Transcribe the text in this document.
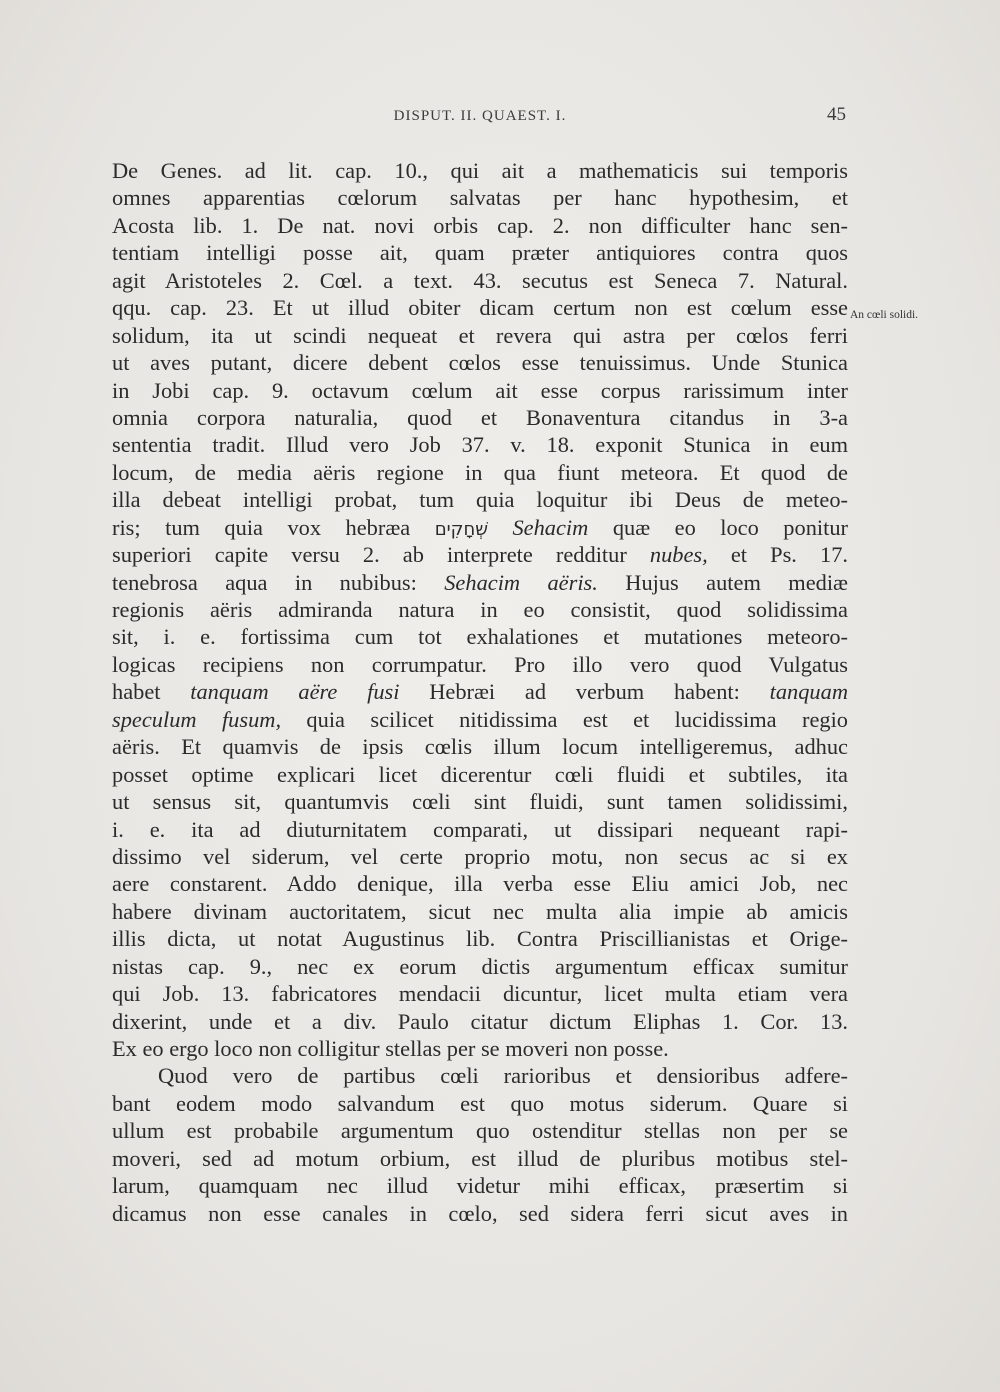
DISPUT. II. QUAEST. I.	45
An cœli solidi.
De Genes. ad lit. cap. 10., qui ait a mathematicis sui temporis
omnes apparentias cœlorum salvatas per hanc hypothesim, et
Acosta lib. 1. De nat. novi orbis cap. 2. non difficulter hanc sen-
tentiam intelligi posse ait, quam præter antiquiores contra quos
agit Aristoteles 2. Cœl. a text. 43. secutus est Seneca 7. Natural.
qqu. cap. 23. Et ut illud obiter dicam certum non est cœlum esse
solidum, ita ut scindi nequeat et revera qui astra per cœlos ferri
ut aves putant, dicere debent cœlos esse tenuissimus. Unde Stunica
in Jobi cap. 9. octavum cœlum ait esse corpus rarissimum inter
omnia corpora naturalia, quod et Bonaventura citandus in 3-a
sententia tradit. Illud vero Job 37. v. 18. exponit Stunica in eum
locum, de media aëris regione in qua fiunt meteora. Et quod de
illa debeat intelligi probat, tum quia loquitur ibi Deus de meteo-
ris; tum quia vox hebræa שְׁחָקִים Sehacim quæ eo loco ponitur
superiori capite versu 2. ab interprete redditur nubes, et Ps. 17.
tenebrosa aqua in nubibus: Sehacim aëris. Hujus autem mediæ
regionis aëris admiranda natura in eo consistit, quod solidissima
sit, i. e. fortissima cum tot exhalationes et mutationes meteoro-
logicas recipiens non corrumpatur. Pro illo vero quod Vulgatus
habet tanquam aëre fusi Hebræi ad verbum habent: tanquam
speculum fusum, quia scilicet nitidissima est et lucidissima regio
aëris. Et quamvis de ipsis cœlis illum locum intelligeremus, adhuc
posset optime explicari licet dicerentur cœli fluidi et subtiles, ita
ut sensus sit, quantumvis cœli sint fluidi, sunt tamen solidissimi,
i. e. ita ad diuturnitatem comparati, ut dissipari nequeant rapi-
dissimo vel siderum, vel certe proprio motu, non secus ac si ex
aere constarent. Addo denique, illa verba esse Eliu amici Job, nec
habere divinam auctoritatem, sicut nec multa alia impie ab amicis
illis dicta, ut notat Augustinus lib. Contra Priscillianistas et Orige-
nistas cap. 9., nec ex eorum dictis argumentum efficax sumitur
qui Job. 13. fabricatores mendacii dicuntur, licet multa etiam vera
dixerint, unde et a div. Paulo citatur dictum Eliphas 1. Cor. 13.
Ex eo ergo loco non colligitur stellas per se moveri non posse.
Quod vero de partibus cœli rarioribus et densioribus adfere-
bant eodem modo salvandum est quo motus siderum. Quare si
ullum est probabile argumentum quo ostenditur stellas non per se
moveri, sed ad motum orbium, est illud de pluribus motibus stel-
larum, quamquam nec illud videtur mihi efficax, præsertim si
dicamus non esse canales in cœlo, sed sidera ferri sicut aves in
